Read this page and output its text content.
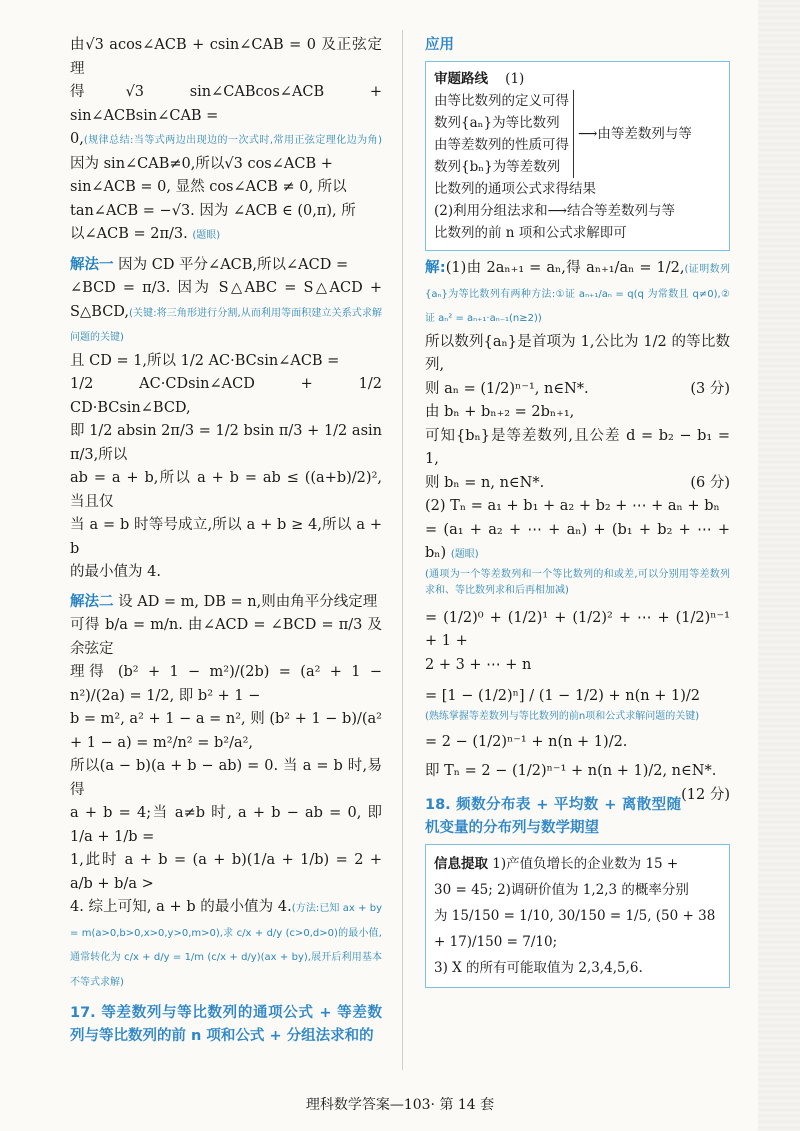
由√3 acos∠ACB + csin∠CAB = 0 及正弦定理

得√3 sin∠CABcos∠ACB + sin∠ACBsin∠CAB =

0,(规律总结:当等式两边出现边的一次式时,常用正弦定理化边为角)因为 sin∠CAB≠0,所以√3 cos∠ACB +

sin∠ACB = 0, 显然 cos∠ACB ≠ 0, 所以

tan∠ACB = −√3. 因为 ∠ACB ∈ (0,π), 所

以∠ACB = 2π/3. (题眼)

解法一 因为 CD 平分∠ACB,所以∠ACD =

∠BCD = π/3. 因为 S△ABC = S△ACD + S△BCD,(关键:将三角形进行分割,从而利用等面积建立关系式求解问题的关键)

且 CD = 1,所以 1/2 AC·BCsin∠ACB =

1/2 AC·CDsin∠ACD + 1/2 CD·BCsin∠BCD,

即 1/2 absin 2π/3 = 1/2 bsin π/3 + 1/2 asin π/3,所以

ab = a + b,所以 a + b = ab ≤ ((a+b)/2)², 当且仅

当 a = b 时等号成立,所以 a + b ≥ 4,所以 a + b

的最小值为 4.

解法二 设 AD = m, DB = n,则由角平分线定理

可得 b/a = m/n. 由∠ACD = ∠BCD = π/3 及余弦定

理得 (b² + 1 − m²)/(2b) = (a² + 1 − n²)/(2a) = 1/2, 即 b² + 1 −

b = m², a² + 1 − a = n², 则 (b² + 1 − b)/(a² + 1 − a) = m²/n² = b²/a²,

所以(a − b)(a + b − ab) = 0. 当 a = b 时,易得

a + b = 4;当 a≠b 时, a + b − ab = 0, 即 1/a + 1/b =

1,此时 a + b = (a + b)(1/a + 1/b) = 2 + a/b + b/a >

4. 综上可知, a + b 的最小值为 4.(方法:已知 ax + by = m(a>0,b>0,x>0,y>0,m>0),求 c/x + d/y (c>0,d>0)的最小值,通常转化为 c/x + d/y = 1/m (c/x + d/y)(ax + by),展开后利用基本不等式求解)

17. 等差数列与等比数列的通项公式 + 等差数列与等比数列的前 n 项和公式 + 分组法求和的

应用

审题路线 (1)
由等比数列的定义可得
数列{aₙ}为等比数列
由等差数列的性质可得
数列{bₙ}为等差数列
⟶由等差数列与等
比数列的通项公式求得结果
(2)利用分组法求和⟶结合等差数列与等
比数列的前 n 项和公式求解即可

解:(1)由 2aₙ₊₁ = aₙ,得 aₙ₊₁/aₙ = 1/2,(证明数列{aₙ}为等比数列有两种方法:①证 aₙ₊₁/aₙ = q(q 为常数且 q≠0),②证 aₙ² = aₙ₊₁·aₙ₋₁(n≥2))

所以数列{aₙ}是首项为 1,公比为 1/2 的等比数列,

则 aₙ = (1/2)ⁿ⁻¹, n∈N*.	(3 分)

由 bₙ + bₙ₊₂ = 2bₙ₊₁,

可知{bₙ}是等差数列,且公差 d = b₂ − b₁ = 1,

则 bₙ = n, n∈N*.	(6 分)

(2) Tₙ = a₁ + b₁ + a₂ + b₂ + ⋯ + aₙ + bₙ

= (a₁ + a₂ + ⋯ + aₙ) + (b₁ + b₂ + ⋯ + bₙ) (题眼)

(通项为一个等差数列和一个等比数列的和或差,可以分别用等差数列求和、等比数列求和后再相加减)

= (1/2)⁰ + (1/2)¹ + (1/2)² + ⋯ + (1/2)ⁿ⁻¹ + 1 +

2 + 3 + ⋯ + n

= [1 − (1/2)ⁿ] / (1 − 1/2) + n(n + 1)/2

(熟练掌握等差数列与等比数列的前n项和公式求解问题的关键)

= 2 − (1/2)ⁿ⁻¹ + n(n + 1)/2.

即 Tₙ = 2 − (1/2)ⁿ⁻¹ + n(n + 1)/2, n∈N*.
(12 分)

18. 频数分布表 + 平均数 + 离散型随机变量的分布列与数学期望

信息提取 1)产值负增长的企业数为 15 +
30 = 45; 2)调研价值为 1,2,3 的概率分别
为 15/150 = 1/10, 30/150 = 1/5, (50 + 38 + 17)/150 = 7/10;
3) X 的所有可能取值为 2,3,4,5,6.
理科数学答案—103· 第 14 套
